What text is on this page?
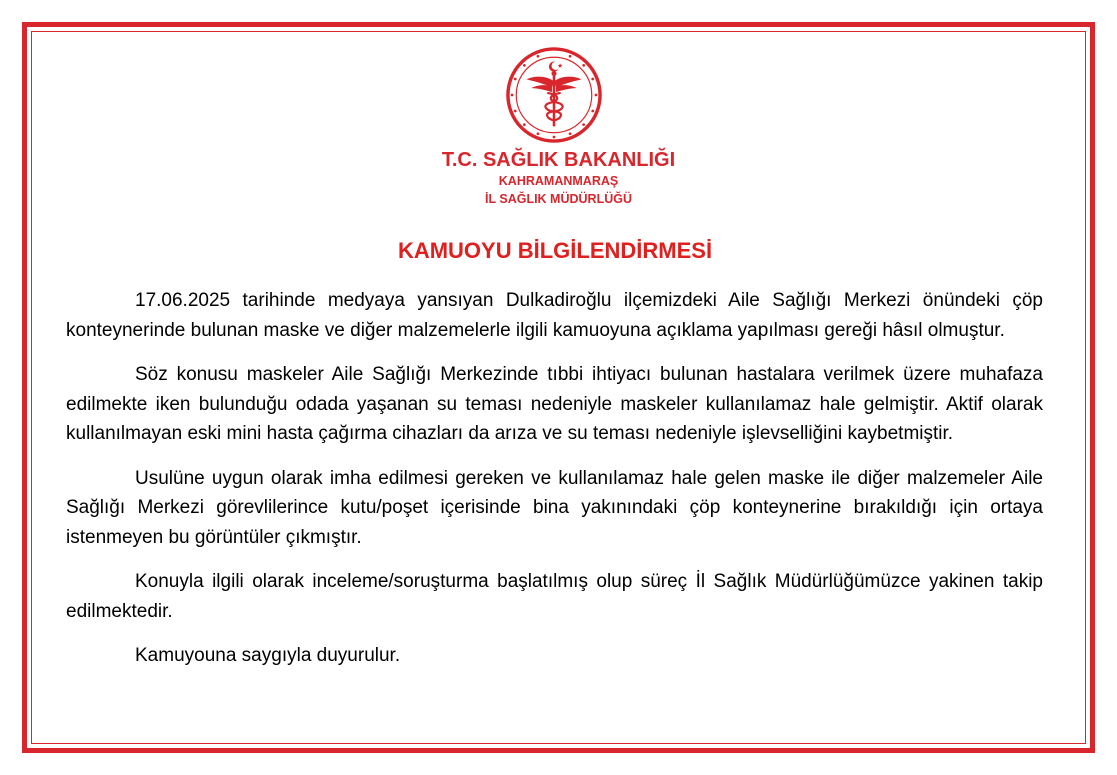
T.C. SAĞLIK BAKANLIĞI
KAHRAMANMARAŞ
İL SAĞLIK MÜDÜRLÜĞÜ
KAMUOYU BİLGİLENDİRMESİ

17.06.2025 tarihinde medyaya yansıyan Dulkadiroğlu ilçemizdeki Aile Sağlığı Merkezi önündeki çöp konteynerinde bulunan maske ve diğer malzemelerle ilgili kamuoyuna açıklama yapılması gereği hâsıl olmuştur.

Söz konusu maskeler Aile Sağlığı Merkezinde tıbbi ihtiyacı bulunan hastalara verilmek üzere muhafaza edilmekte iken bulunduğu odada yaşanan su teması nedeniyle maskeler kullanılamaz hale gelmiştir. Aktif olarak kullanılmayan eski mini hasta çağırma cihazları da arıza ve su teması nedeniyle işlevselliğini kaybetmiştir.

Usulüne uygun olarak imha edilmesi gereken ve kullanılamaz hale gelen maske ile diğer malzemeler Aile Sağlığı Merkezi görevlilerince kutu/poşet içerisinde bina yakınındaki çöp konteynerine bırakıldığı için ortaya istenmeyen bu görüntüler çıkmıştır.

Konuyla ilgili olarak inceleme/soruşturma başlatılmış olup süreç İl Sağlık Müdürlüğümüzce yakinen takip edilmektedir.

Kamuyouna saygıyla duyurulur.
